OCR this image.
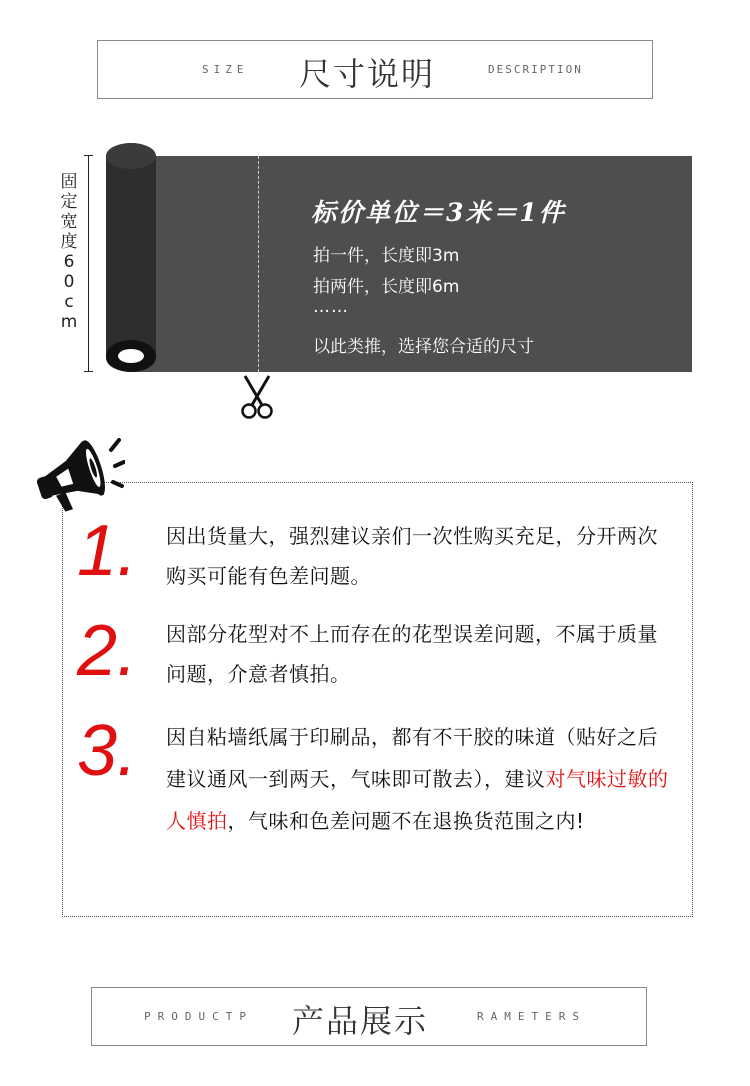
SIZE 尺寸说明	DESCRIPTION
固
定
宽
度
6
0
c
m
标价单位＝3米＝1件
拍一件，长度即3m
拍两件，长度即6m
……
以此类推，选择您合适的尺寸
1.
2.
3.
因出货量大，强烈建议亲们一次性购买充足，分开两次购买可能有色差问题。
因部分花型对不上而存在的花型误差问题，不属于质量问题，介意者慎拍。
因自粘墙纸属于印刷品，都有不干胶的味道（贴好之后建议通风一到两天，气味即可散去），建议对气味过敏的人慎拍，气味和色差问题不在退换货范围之内!
PRODUCTP 产品展示	RAMETERS
